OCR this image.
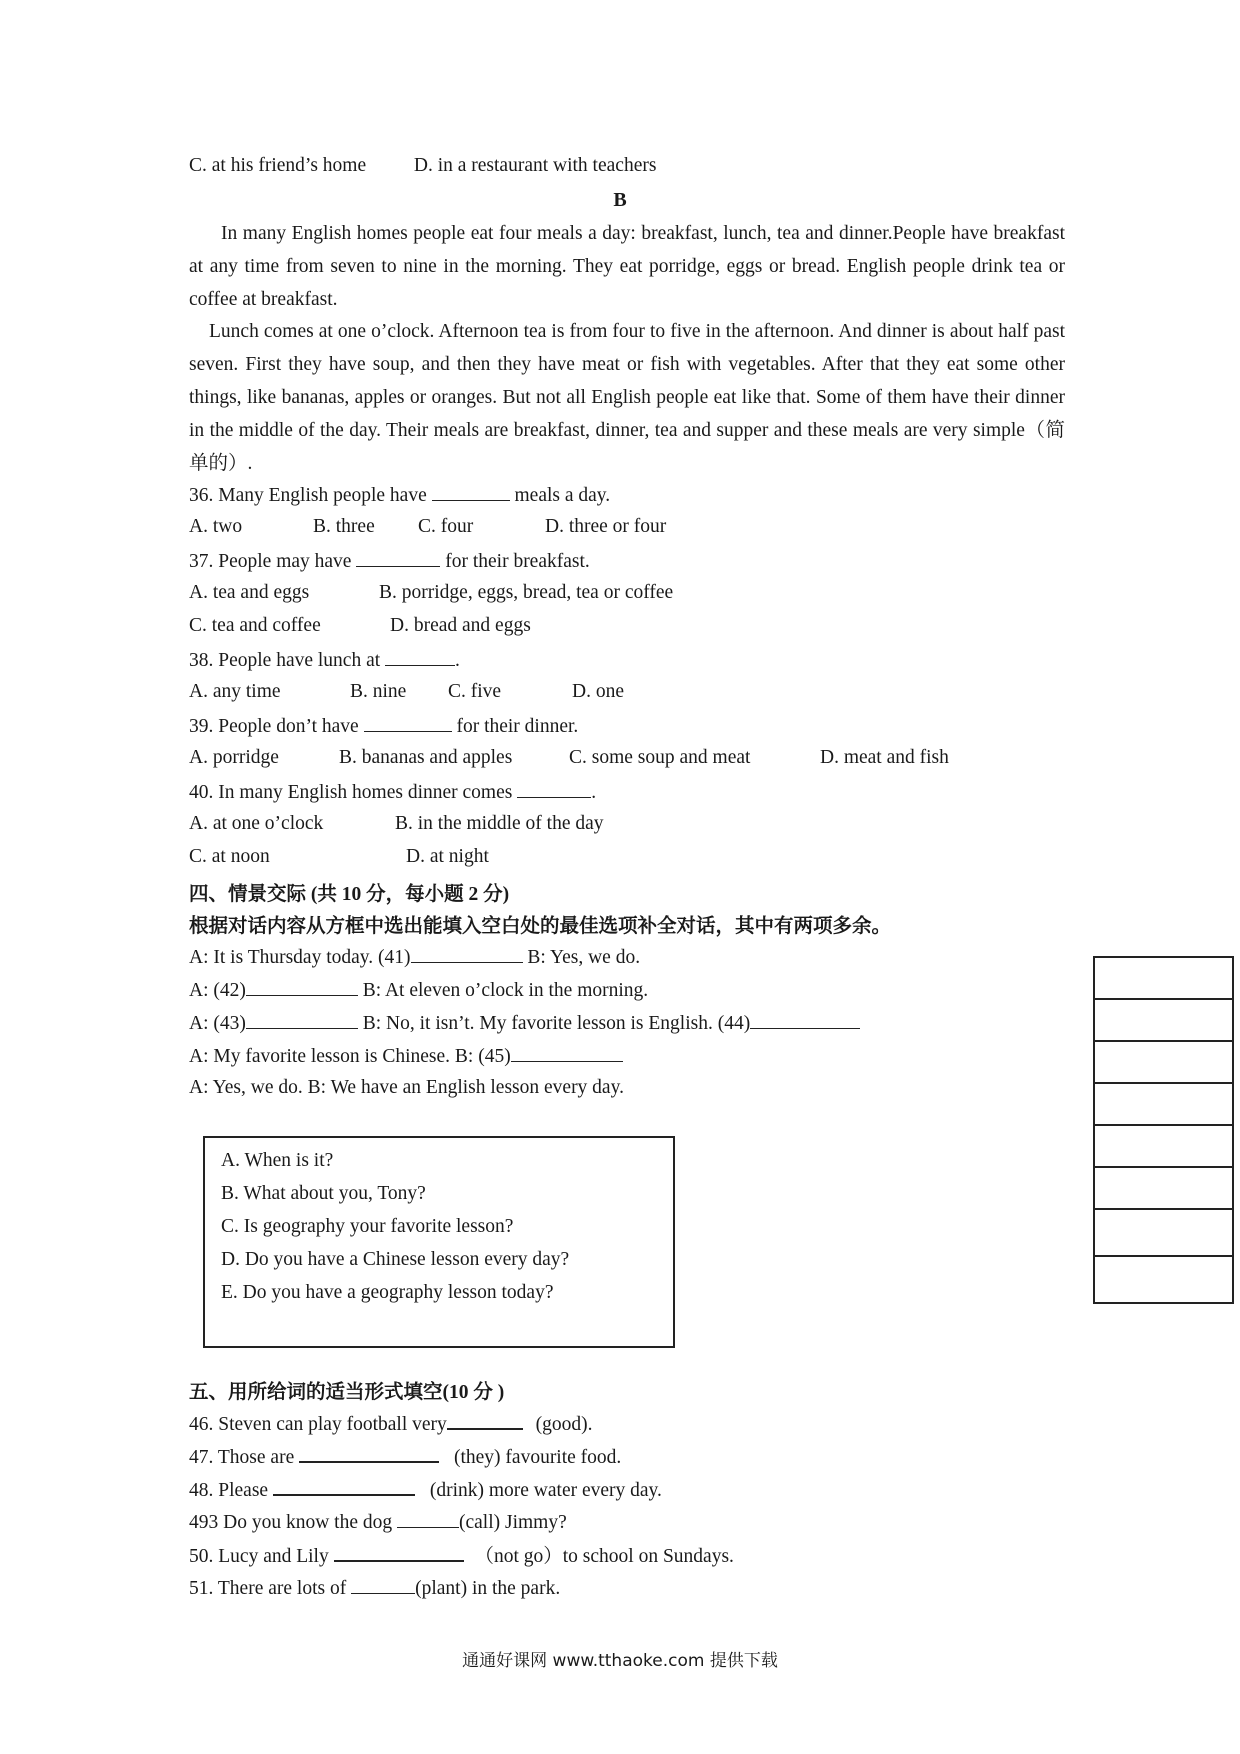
C. at his friend’s home D. in a restaurant with teachers
B
In many English homes people eat four meals a day: breakfast, lunch, tea and dinner.People have breakfast at any time from seven to nine in the morning. They eat porridge, eggs or bread. English people drink tea or coffee at breakfast.
Lunch comes at one o’clock. Afternoon tea is from four to five in the afternoon. And dinner is about half past seven. First they have soup, and then they have meat or fish with vegetables. After that they eat some other things, like bananas, apples or oranges. But not all English people eat like that. Some of them have their dinner in the middle of the day. Their meals are breakfast, dinner, tea and supper and these meals are very simple（简单的）.
36. Many English people have	meals a day.
A. two	B. three C. four	D. three or four
37. People may have	for their breakfast.
A. tea and eggs	B. porridge, eggs, bread, tea or coffee
C. tea and coffee	D. bread and eggs
38. People have lunch at	.
A. any time	B. nine C. five	D. one
39. People don’t have	for their dinner.
A. porridge	B. bananas and apples	C. some soup and meat	D. meat and fish
40. In many English homes dinner comes	.
A. at one o’clock	B. in the middle of the day
C. at noon	D. at night
四、情景交际 (共 10 分，每小题 2 分)
根据对话内容从方框中选出能填入空白处的最佳选项补全对话，其中有两项多余。
A: It is Thursday today. (41)	B: Yes, we do.
A: (42)	B: At eleven o’clock in the morning.
A: (43)	B: No, it isn’t. My favorite lesson is English. (44)
A: My favorite lesson is Chinese. B: (45)
A: Yes, we do. B: We have an English lesson every day.
A. When is it?
B. What about you, Tony?
C. Is geography your favorite lesson?
D. Do you have a Chinese lesson every day?
E. Do you have a geography lesson today?
五、用所给词的适当形式填空(10 分 )
46. Steven can play football very	(good).
47. Those are	(they) favourite food.
48. Please	(drink) more water every day.
493 Do you know the dog	(call) Jimmy?
50. Lucy and Lily	（not go）to school on Sundays.
51. There are lots of	(plant) in the park.
通通好课网 www.tthaoke.com 提供下载
